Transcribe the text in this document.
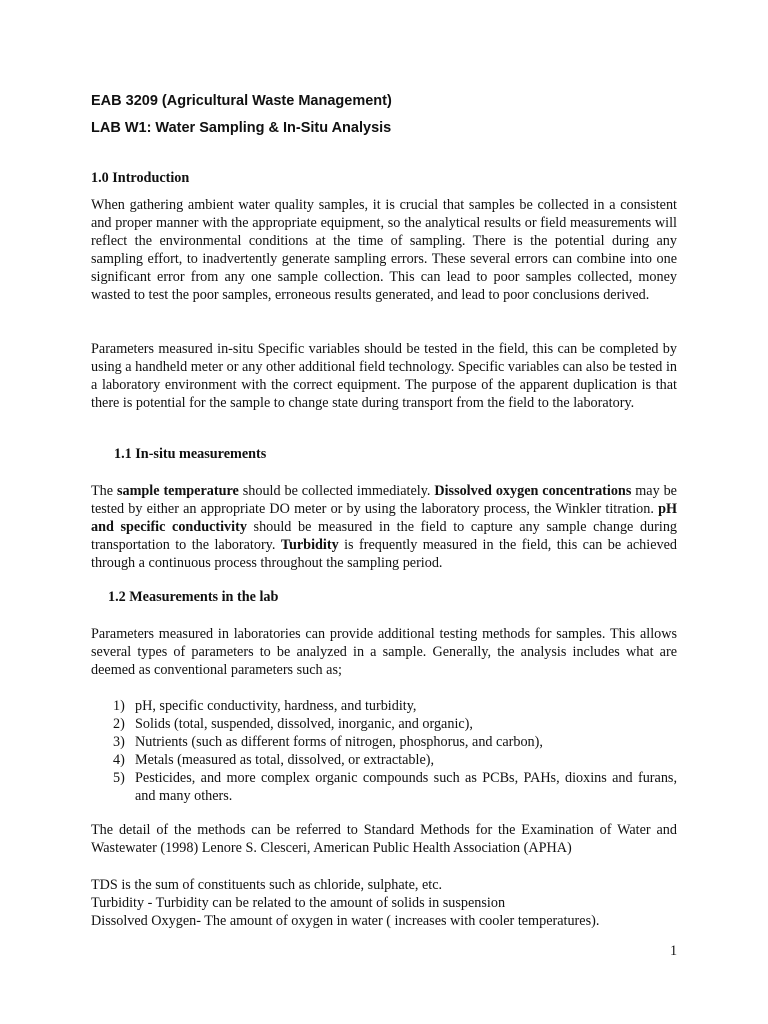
EAB 3209 (Agricultural Waste Management)
LAB W1: Water Sampling & In-Situ Analysis
1.0 Introduction

When gathering ambient water quality samples, it is crucial that samples be collected in a consistent and proper manner with the appropriate equipment, so the analytical results or field measurements will reflect the environmental conditions at the time of sampling. There is the potential during any sampling effort, to inadvertently generate sampling errors. These several errors can combine into one significant error from any one sample collection. This can lead to poor samples collected, money wasted to test the poor samples, erroneous results generated, and lead to poor conclusions derived.

Parameters measured in-situ Specific variables should be tested in the field, this can be completed by using a handheld meter or any other additional field technology. Specific variables can also be tested in a laboratory environment with the correct equipment. The purpose of the apparent duplication is that there is potential for the sample to change state during transport from the field to the laboratory.

1.1 In-situ measurements

The sample temperature should be collected immediately. Dissolved oxygen concentrations may be tested by either an appropriate DO meter or by using the laboratory process, the Winkler titration. pH and specific conductivity should be measured in the field to capture any sample change during transportation to the laboratory. Turbidity is frequently measured in the field, this can be achieved through a continuous process throughout the sampling period.

1.2 Measurements in the lab

Parameters measured in laboratories can provide additional testing methods for samples. This allows several types of parameters to be analyzed in a sample. Generally, the analysis includes what are deemed as conventional parameters such as;

1) pH, specific conductivity, hardness, and turbidity,
2) Solids (total, suspended, dissolved, inorganic, and organic),
3) Nutrients (such as different forms of nitrogen, phosphorus, and carbon),
4) Metals (measured as total, dissolved, or extractable),
5) Pesticides, and more complex organic compounds such as PCBs, PAHs, dioxins and furans, and many others.

The detail of the methods can be referred to Standard Methods for the Examination of Water and Wastewater (1998) Lenore S. Clesceri, American Public Health Association (APHA)

TDS is the sum of constituents such as chloride, sulphate, etc.

Turbidity - Turbidity can be related to the amount of solids in suspension

Dissolved Oxygen- The amount of oxygen in water ( increases with cooler temperatures).

1
